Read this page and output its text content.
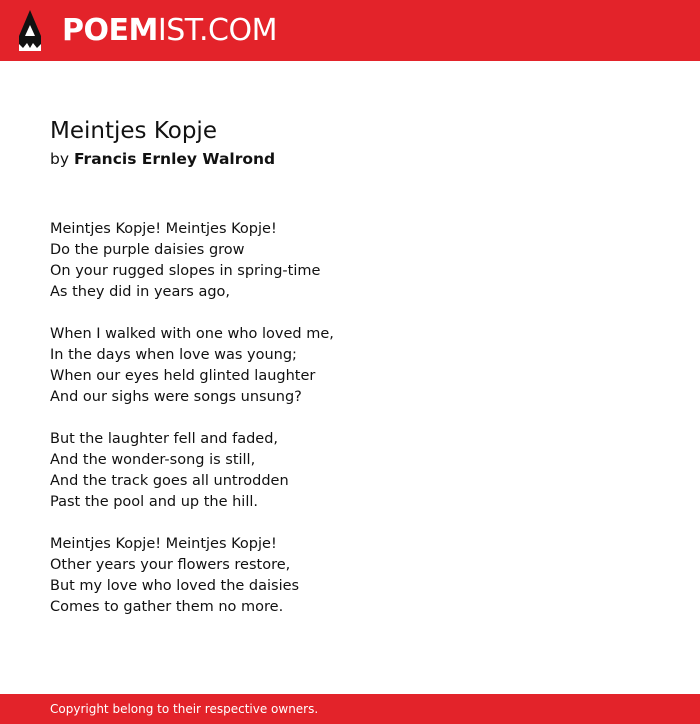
POEMIST.COM
Meintjes Kopje
by Francis Ernley Walrond
Meintjes Kopje! Meintjes Kopje!
Do the purple daisies grow
On your rugged slopes in spring-time
As they did in years ago,
When I walked with one who loved me,
In the days when love was young;
When our eyes held glinted laughter
And our sighs were songs unsung?
But the laughter fell and faded,
And the wonder-song is still,
And the track goes all untrodden
Past the pool and up the hill.
Meintjes Kopje! Meintjes Kopje!
Other years your flowers restore,
But my love who loved the daisies
Comes to gather them no more.
Copyright belong to their respective owners.
